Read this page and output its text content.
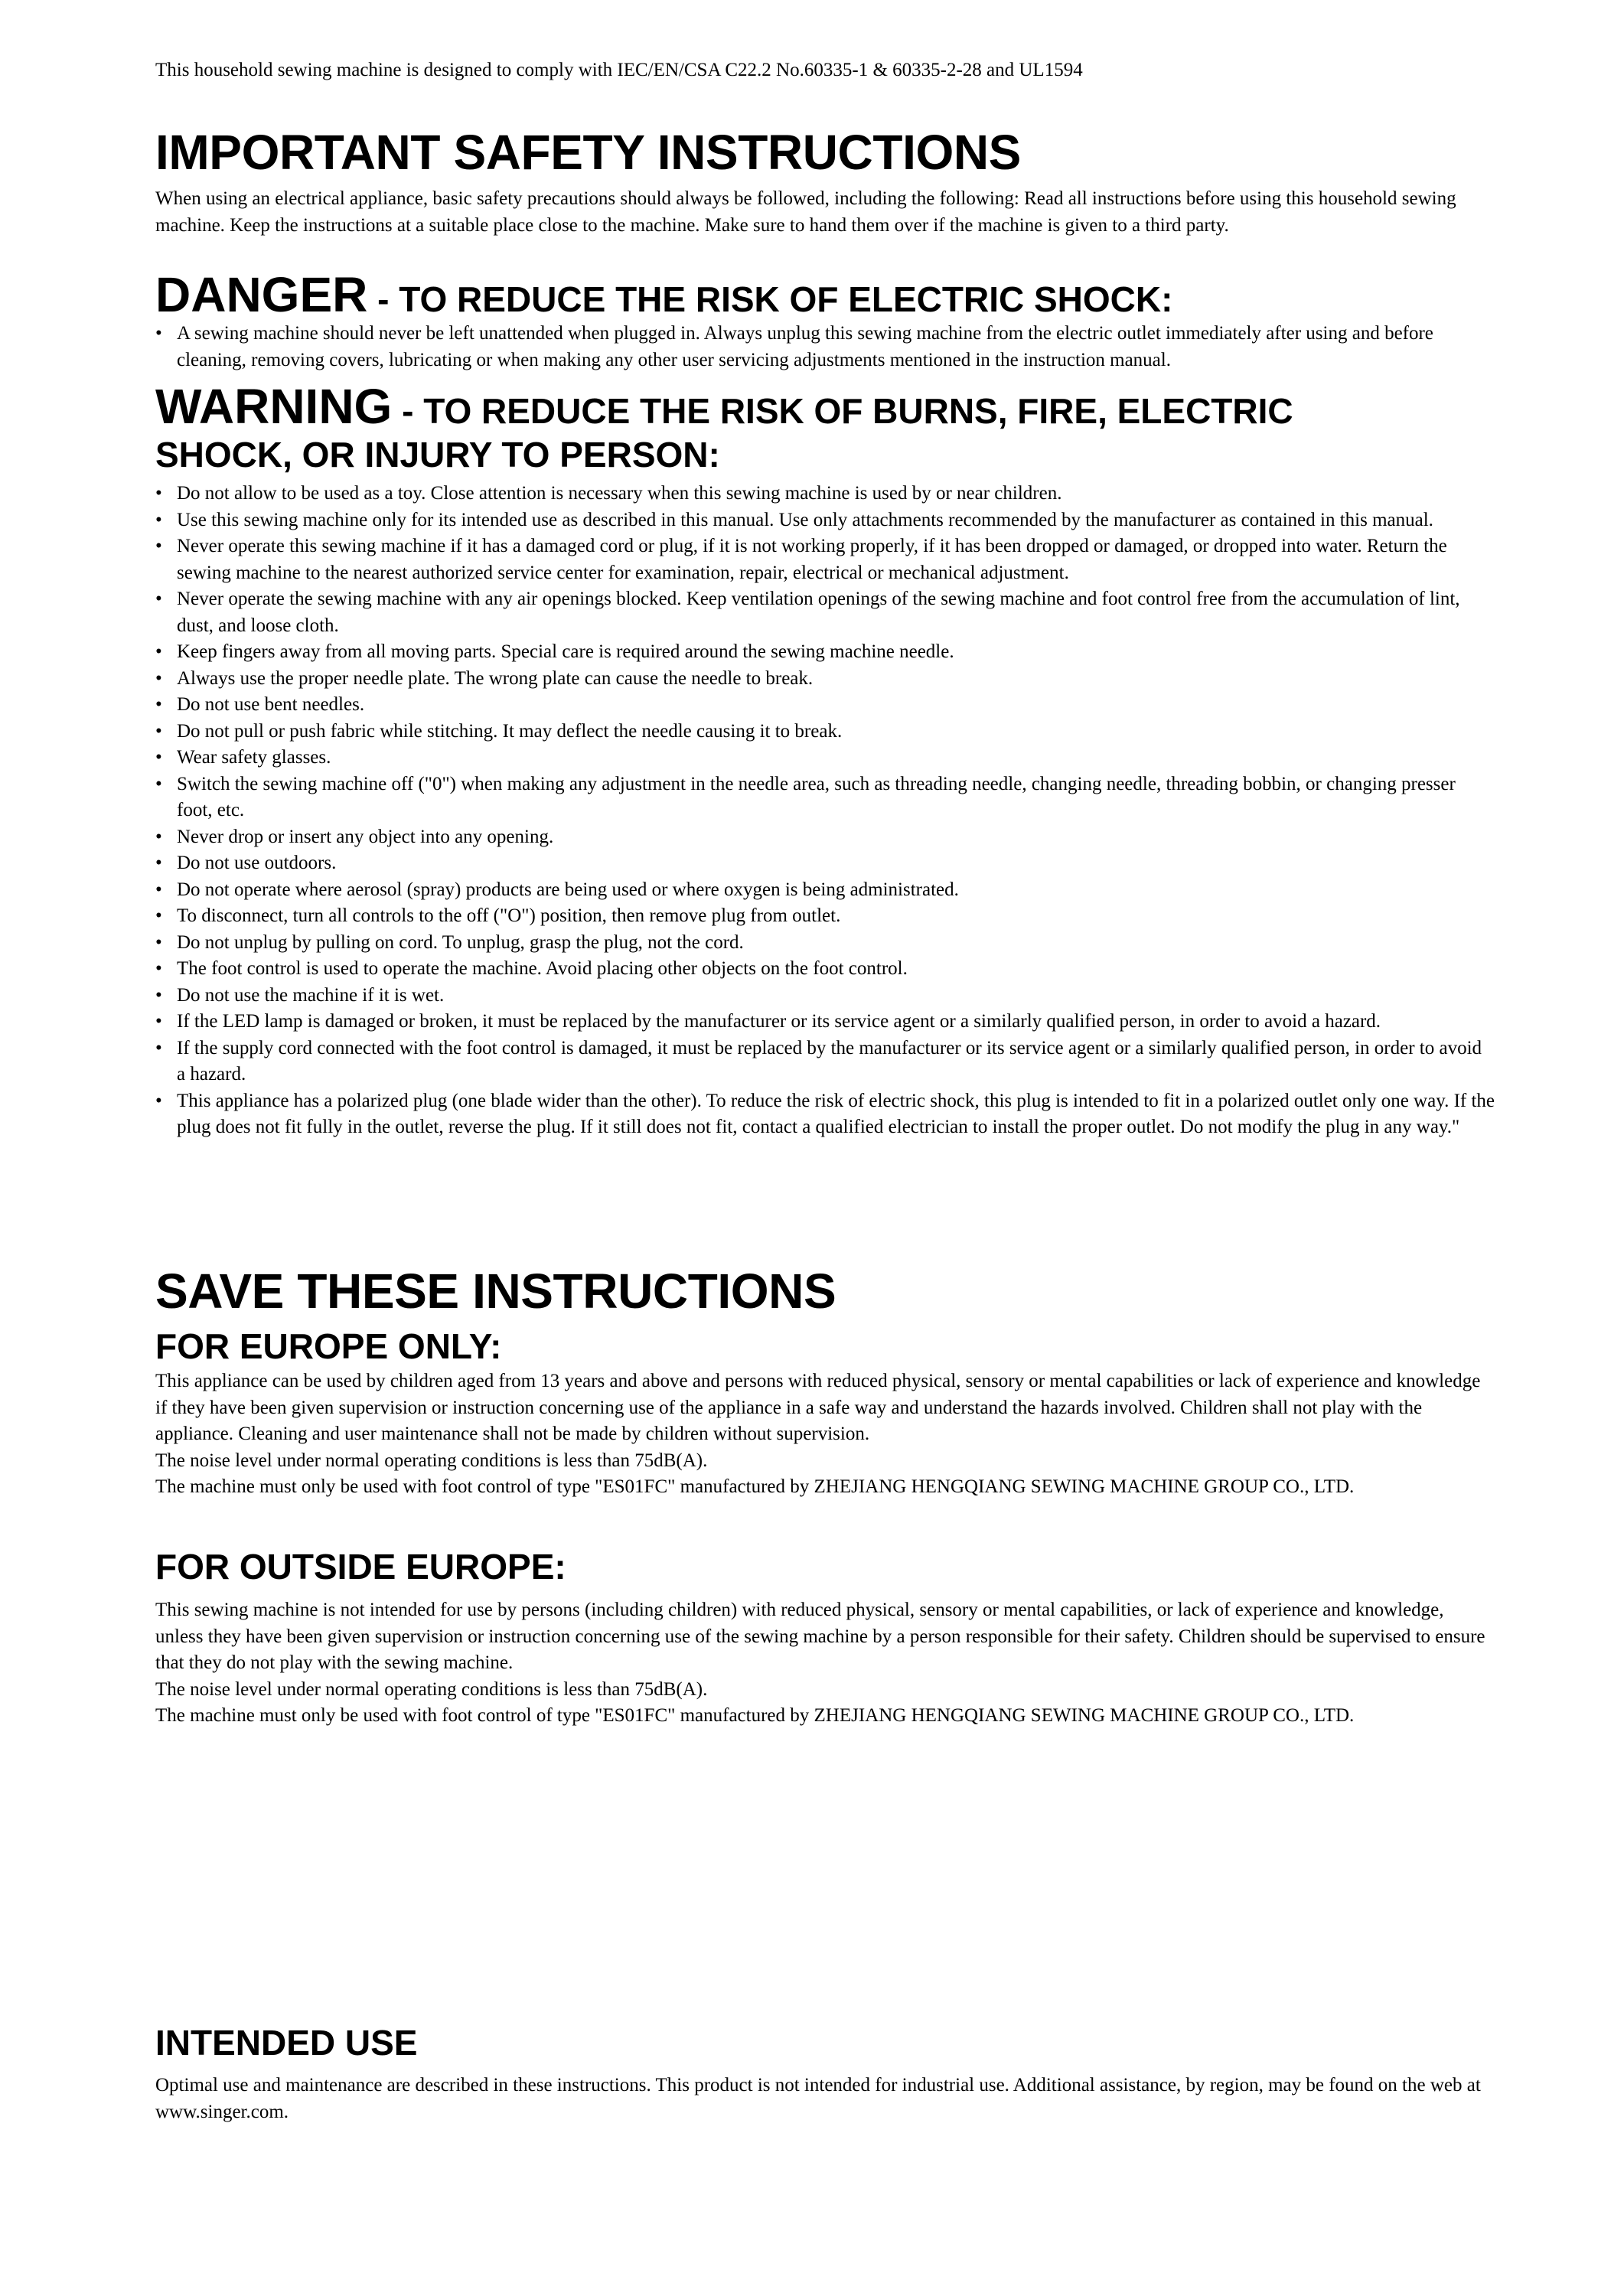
This household sewing machine is designed to comply with IEC/EN/CSA C22.2 No.60335-1 & 60335-2-28 and UL1594
IMPORTANT SAFETY INSTRUCTIONS
When using an electrical appliance, basic safety precautions should always be followed, including the following: Read all instructions before using this household sewing machine. Keep the instructions at a suitable place close to the machine. Make sure to hand them over if the machine is given to a third party.
DANGER - TO REDUCE THE RISK OF ELECTRIC SHOCK:
• A sewing machine should never be left unattended when plugged in. Always unplug this sewing machine from the electric outlet immediately after using and before cleaning, removing covers, lubricating or when making any other user servicing adjustments mentioned in the instruction manual.
WARNING - TO REDUCE THE RISK OF BURNS, FIRE, ELECTRIC
SHOCK, OR INJURY TO PERSON:
• Do not allow to be used as a toy. Close attention is necessary when this sewing machine is used by or near children.
• Use this sewing machine only for its intended use as described in this manual. Use only attachments recommended by the manufacturer as contained in this manual.
• Never operate this sewing machine if it has a damaged cord or plug, if it is not working properly, if it has been dropped or damaged, or dropped into water. Return the sewing machine to the nearest authorized service center for examination, repair, electrical or mechanical adjustment.
• Never operate the sewing machine with any air openings blocked. Keep ventilation openings of the sewing machine and foot control free from the accumulation of lint, dust, and loose cloth.
• Keep fingers away from all moving parts. Special care is required around the sewing machine needle.
• Always use the proper needle plate. The wrong plate can cause the needle to break.
• Do not use bent needles.
• Do not pull or push fabric while stitching. It may deflect the needle causing it to break.
• Wear safety glasses.
• Switch the sewing machine off ("0") when making any adjustment in the needle area, such as threading needle, changing needle, threading bobbin, or changing presser foot, etc.
• Never drop or insert any object into any opening.
• Do not use outdoors.
• Do not operate where aerosol (spray) products are being used or where oxygen is being administrated.
• To disconnect, turn all controls to the off ("O") position, then remove plug from outlet.
• Do not unplug by pulling on cord. To unplug, grasp the plug, not the cord.
• The foot control is used to operate the machine. Avoid placing other objects on the foot control.
• Do not use the machine if it is wet.
• If the LED lamp is damaged or broken, it must be replaced by the manufacturer or its service agent or a similarly qualified person, in order to avoid a hazard.
• If the supply cord connected with the foot control is damaged, it must be replaced by the manufacturer or its service agent or a similarly qualified person, in order to avoid a hazard.
• This appliance has a polarized plug (one blade wider than the other). To reduce the risk of electric shock, this plug is intended to fit in a polarized outlet only one way. If the plug does not fit fully in the outlet, reverse the plug. If it still does not fit, contact a qualified electrician to install the proper outlet. Do not modify the plug in any way."
SAVE THESE INSTRUCTIONS
FOR EUROPE ONLY:

This appliance can be used by children aged from 13 years and above and persons with reduced physical, sensory or mental capabilities or lack of experience and knowledge if they have been given supervision or instruction concerning use of the appliance in a safe way and understand the hazards involved. Children shall not play with the appliance. Cleaning and user maintenance shall not be made by children without supervision.

The noise level under normal operating conditions is less than 75dB(A).

The machine must only be used with foot control of type "ES01FC" manufactured by ZHEJIANG HENGQIANG SEWING MACHINE GROUP CO., LTD.

FOR OUTSIDE EUROPE:

This sewing machine is not intended for use by persons (including children) with reduced physical, sensory or mental capabilities, or lack of experience and knowledge, unless they have been given supervision or instruction concerning use of the sewing machine by a person responsible for their safety. Children should be supervised to ensure that they do not play with the sewing machine.

The noise level under normal operating conditions is less than 75dB(A).

The machine must only be used with foot control of type "ES01FC" manufactured by ZHEJIANG HENGQIANG SEWING MACHINE GROUP CO., LTD.

INTENDED USE
Optimal use and maintenance are described in these instructions. This product is not intended for industrial use. Additional assistance, by region, may be found on the web at www.singer.com.
